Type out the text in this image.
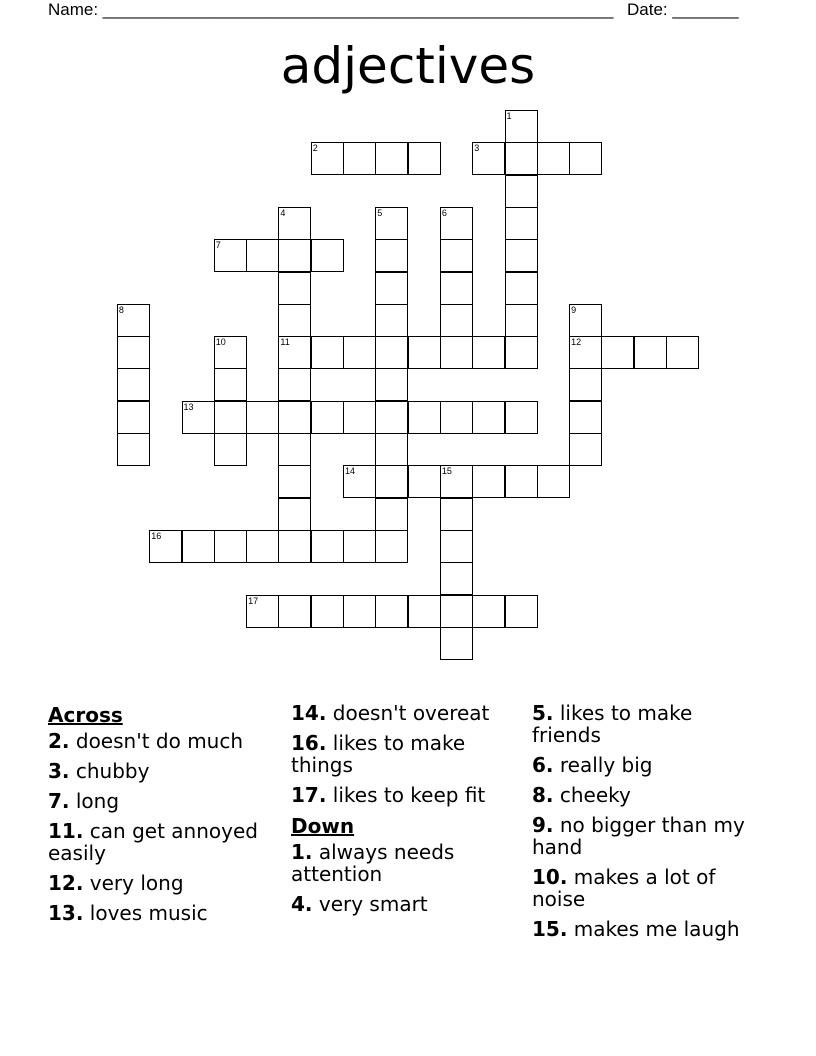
Name: ______________________________________________________ Date: _______
adjectives
1
2	3
4	5	6
7
8	9
10	11	12
13
14	15
16
17
Across
2. doesn't do much
3. chubby
7. long
11. can get annoyed easily
12. very long
13. loves music
14. doesn't overeat
16. likes to make things
17. likes to keep fit
Down
1. always needs attention
4. very smart
5. likes to make friends
6. really big
8. cheeky
9. no bigger than my hand
10. makes a lot of noise
15. makes me laugh
